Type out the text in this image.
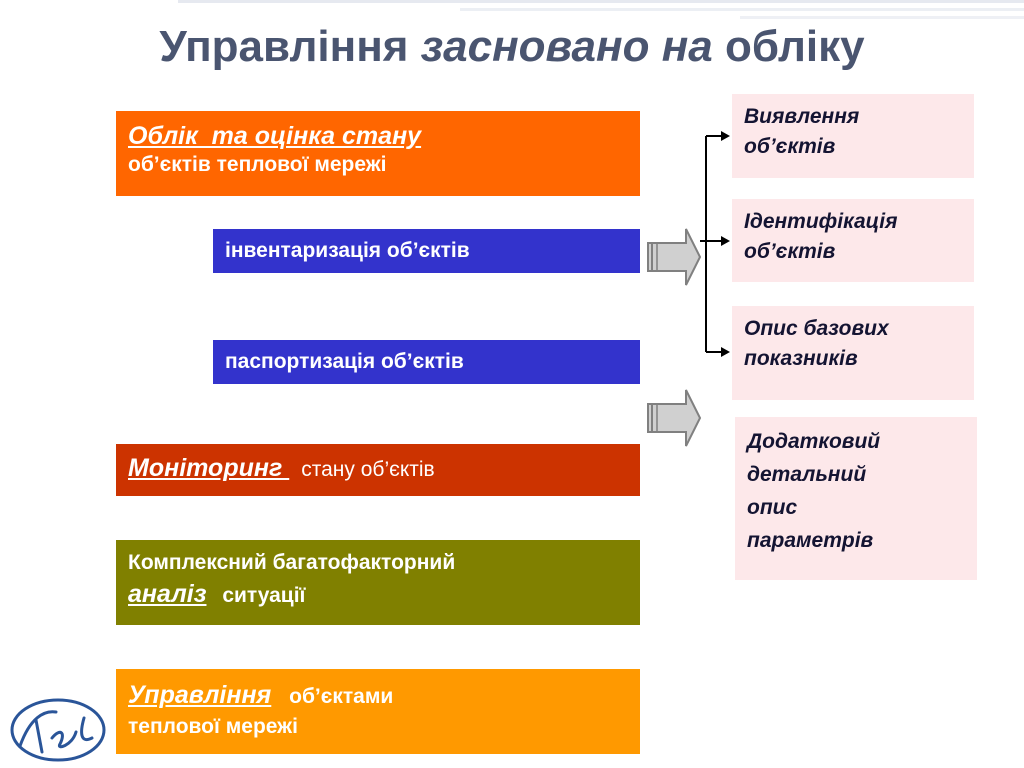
Управління засновано на обліку
Облік  та оцінка стану
об’єктів теплової мережі
інвентаризація об’єктів
паспортизація об’єктів
Моніторинг стану об’єктів
Комплексний багатофакторний
аналіз ситуації
Управління об’єктами
теплової мережі
Виявлення
об’єктів
Ідентифікація
об’єктів
Опис базових
показників
Додатковий
детальний
опис
параметрів
